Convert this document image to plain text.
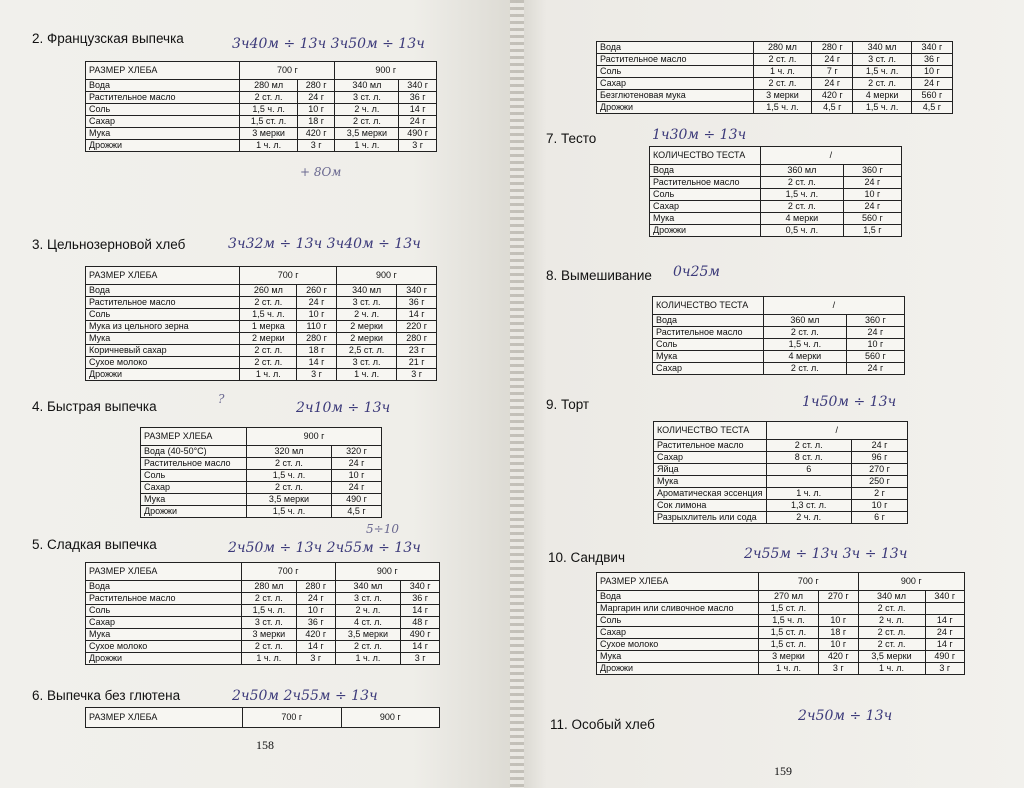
2. Французская выпечка	3ч40м ÷ 13ч 3ч50м ÷ 13ч
РАЗМЕР ХЛЕБА	700 г		900 г	
Вода	280 мл	280 г	340 мл	340 г
Растительное масло	2 ст. л.	24 г	3 ст. л.	36 г
Соль	1,5 ч. л.	10 г	2 ч. л.	14 г
Сахар	1,5 ст. л.	18 г	2 ст. л.	24 г
Мука	3 мерки	420 г	3,5 мерки	490 г
Дрожжи	1 ч. л.	3 г	1 ч. л.	3 г
+ 8Ом
3. Цельнозерновой хлеб	3ч32м ÷ 13ч 3ч40м ÷ 13ч
РАЗМЕР ХЛЕБА	700 г		900 г	
Вода	260 мл	260 г	340 мл	340 г
Растительное масло	2 ст. л.	24 г	3 ст. л.	36 г
Соль	1,5 ч. л.	10 г	2 ч. л.	14 г
Мука из цельного зерна	1 мерка	110 г	2 мерки	220 г
Мука	2 мерки	280 г	2 мерки	280 г
Коричневый сахар	2 ст. л.	18 г	2,5 ст. л.	23 г
Сухое молоко	2 ст. л.	14 г	3 ст. л.	21 г
Дрожжи	1 ч. л.	3 г	1 ч. л.	3 г
4. Быстрая выпечка	?
2ч10м ÷ 13ч
РАЗМЕР ХЛЕБА	900 г	
Вода (40-50°С)	320 мл	320 г
Растительное масло	2 ст. л.	24 г
Соль	1,5 ч. л.	10 г
Сахар	2 ст. л.	24 г
Мука	3,5 мерки	490 г
Дрожжи	1,5 ч. л.	4,5 г
5. Сладкая выпечка
5÷10
2ч50м ÷ 13ч 2ч55м ÷ 13ч
РАЗМЕР ХЛЕБА	700 г		900 г	
Вода	280 мл	280 г	340 мл	340 г
Растительное масло	2 ст. л.	24 г	3 ст. л.	36 г
Соль	1,5 ч. л.	10 г	2 ч. л.	14 г
Сахар	3 ст. л.	36 г	4 ст. л.	48 г
Мука	3 мерки	420 г	3,5 мерки	490 г
Сухое молоко	2 ст. л.	14 г	2 ст. л.	14 г
Дрожжи	1 ч. л.	3 г	1 ч. л.	3 г
6. Выпечка без глютена	2ч50м 2ч55м ÷ 13ч
РАЗМЕР ХЛЕБА	700 г	900 г
158
Вода	280 мл	280 г	340 мл	340 г
Растительное масло	2 ст. л.	24 г	3 ст. л.	36 г
Соль	1 ч. л.	7 г	1,5 ч. л.	10 г
Сахар	2 ст. л.	24 г	2 ст. л.	24 г
Безглютеновая мука	3 мерки	420 г	4 мерки	560 г
Дрожжи	1,5 ч. л.	4,5 г	1,5 ч. л.	4,5 г
7. Тесто	1ч30м ÷ 13ч
КОЛИЧЕСТВО ТЕСТА	/	
Вода	360 мл	360 г
Растительное масло	2 ст. л.	24 г
Соль	1,5 ч. л.	10 г
Сахар	2 ст. л.	24 г
Мука	4 мерки	560 г
Дрожжи	0,5 ч. л.	1,5 г
8. Вымешивание 0ч25м
КОЛИЧЕСТВО ТЕСТА	/	
Вода	360 мл	360 г
Растительное масло	2 ст. л.	24 г
Соль	1,5 ч. л.	10 г
Мука	4 мерки	560 г
Сахар	2 ст. л.	24 г
9. Торт	1ч50м ÷ 13ч
КОЛИЧЕСТВО ТЕСТА	/	
Растительное масло	2 ст. л.	24 г
Сахар	8 ст. л.	96 г
Яйца	6	270 г
Мука		250 г
Ароматическая эссенция	1 ч. л.	2 г
Сок лимона	1,3 ст. л.	10 г
Разрыхлитель или сода	2 ч. л.	6 г
10. Сандвич	2ч55м ÷ 13ч 3ч ÷ 13ч
РАЗМЕР ХЛЕБА	700 г		900 г	
Вода	270 мл	270 г	340 мл	340 г
Маргарин или сливочное масло	1,5 ст. л.		2 ст. л.	
Соль	1,5 ч. л.	10 г	2 ч. л.	14 г
Сахар	1,5 ст. л.	18 г	2 ст. л.	24 г
Сухое молоко	1,5 ст. л.	10 г	2 ст. л.	14 г
Мука	3 мерки	420 г	3,5 мерки	490 г
Дрожжи	1 ч. л.	3 г	1 ч. л.	3 г
11. Особый хлеб
2ч50м ÷ 13ч
159
